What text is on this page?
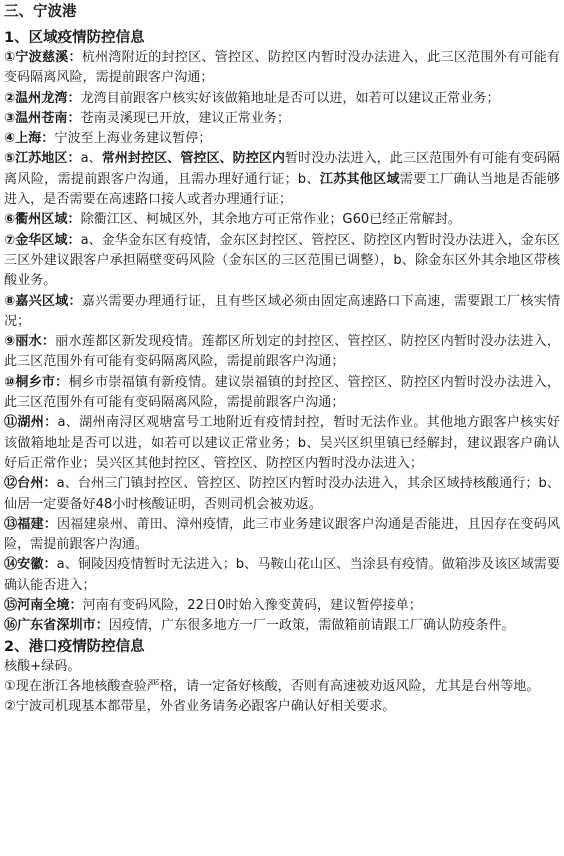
三、宁波港

1、区域疫情防控信息

①宁波慈溪：杭州湾附近的封控区、管控区、防控区内暂时没办法进入，此三区范围外有可能有变码隔离风险，需提前跟客户沟通；

②温州龙湾：龙湾目前跟客户核实好该做箱地址是否可以进，如若可以建议正常业务；

③温州苍南：苍南灵溪现已开放，建议正常业务；

④上海：宁波至上海业务建议暂停；

⑤江苏地区：a、常州封控区、管控区、防控区内暂时没办法进入，此三区范围外有可能有变码隔离风险，需提前跟客户沟通，且需办理好通行证；b、江苏其他区域需要工厂确认当地是否能够进入，是否需要在高速路口接人或者办理通行证；

⑥衢州区域：除衢江区、柯城区外，其余地方可正常作业；G60已经正常解封。

⑦金华区域：a、金华金东区有疫情，金东区封控区、管控区、防控区内暂时没办法进入，金东区三区外建议跟客户承担隔壁变码风险（金东区的三区范围已调整），b、除金东区外其余地区带核酸业务。

⑧嘉兴区域：嘉兴需要办理通行证，且有些区域必须由固定高速路口下高速，需要跟工厂核实情况；

⑨丽水：丽水莲都区新发现疫情。莲都区所划定的封控区、管控区、防控区内暂时没办法进入，此三区范围外有可能有变码隔离风险，需提前跟客户沟通；

⑩桐乡市：桐乡市崇福镇有新疫情。建议崇福镇的封控区、管控区、防控区内暂时没办法进入，此三区范围外有可能有变码隔离风险，需提前跟客户沟通；

⑪湖州：a、湖州南浔区观塘富号工地附近有疫情封控，暂时无法作业。其他地方跟客户核实好该做箱地址是否可以进，如若可以建议正常业务；b、吴兴区织里镇已经解封，建议跟客户确认好后正常作业；吴兴区其他封控区、管控区、防控区内暂时没办法进入；

⑫台州：a、台州三门镇封控区、管控区、防控区内暂时没办法进入，其余区域持核酸通行；b、仙居一定要备好48小时核酸证明，否则司机会被劝返。

⑬福建：因福建泉州、莆田、漳州疫情，此三市业务建议跟客户沟通是否能进，且因存在变码风险，需提前跟客户沟通。

⑭安徽：a、铜陵因疫情暂时无法进入；b、马鞍山花山区、当涂县有疫情。做箱涉及该区域需要确认能否进入；

⑮河南全境：河南有变码风险，22日0时始入豫变黄码，建议暂停接单；

⑯广东省深圳市：因疫情，广东很多地方一厂一政策，需做箱前请跟工厂确认防疫条件。

2、港口疫情防控信息

核酸+绿码。

①现在浙江各地核酸查验严格，请一定备好核酸，否则有高速被劝返风险，尤其是台州等地。

②宁波司机现基本都带星，外省业务请务必跟客户确认好相关要求。
